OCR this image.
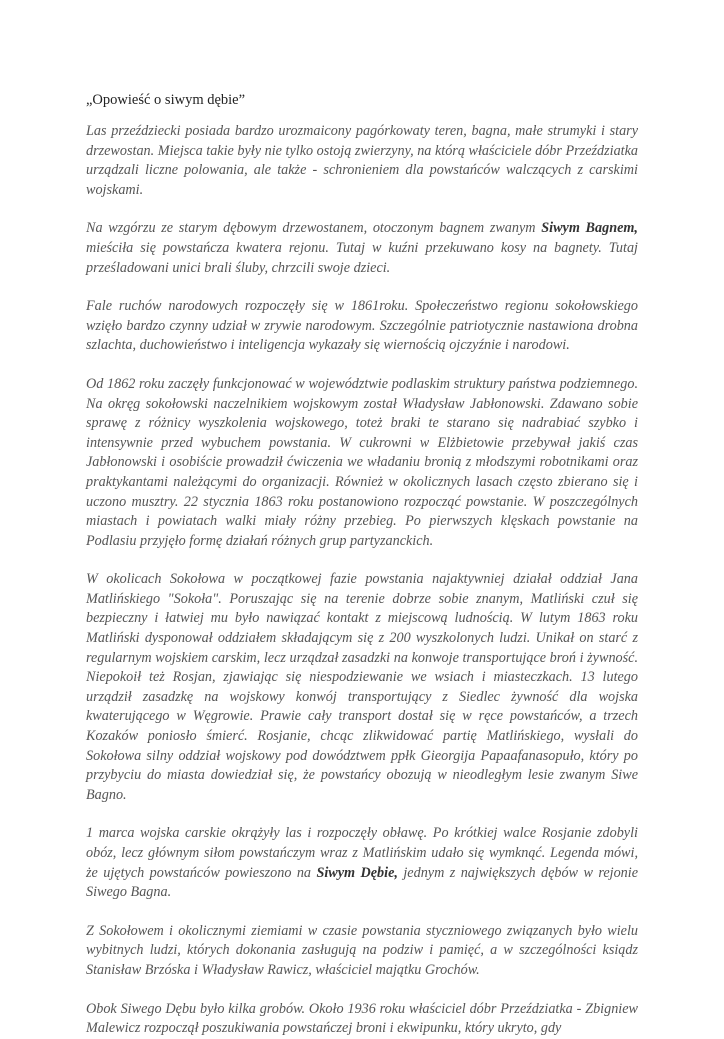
„Opowieść o siwym dębie”

Las przeździecki posiada bardzo urozmaicony pagórkowaty teren, bagna, małe strumyki i stary drzewostan. Miejsca takie były nie tylko ostoją zwierzyny, na którą właściciele dóbr Przeździatka urządzali liczne polowania, ale także - schronieniem dla powstańców walczących z carskimi wojskami.

Na wzgórzu ze starym dębowym drzewostanem, otoczonym bagnem zwanym Siwym Bagnem, mieściła się powstańcza kwatera rejonu. Tutaj w kuźni przekuwano kosy na bagnety. Tutaj prześladowani unici brali śluby, chrzcili swoje dzieci.

Fale ruchów narodowych rozpoczęły się w 1861roku. Społeczeństwo regionu sokołowskiego wzięło bardzo czynny udział w zrywie narodowym. Szczególnie patriotycznie nastawiona drobna szlachta, duchowieństwo i inteligencja wykazały się wiernością ojczyźnie i narodowi.

Od 1862 roku zaczęły funkcjonować w województwie podlaskim struktury państwa podziemnego. Na okręg sokołowski naczelnikiem wojskowym został Władysław Jabłonowski. Zdawano sobie sprawę z różnicy wyszkolenia wojskowego, toteż braki te starano się nadrabiać szybko i intensywnie przed wybuchem powstania. W cukrowni w Elżbietowie przebywał jakiś czas Jabłonowski i osobiście prowadził ćwiczenia we władaniu bronią z młodszymi robotnikami oraz praktykantami należącymi do organizacji. Również w okolicznych lasach często zbierano się i uczono musztry. 22 stycznia 1863 roku postanowiono rozpocząć powstanie. W poszczególnych miastach i powiatach walki miały różny przebieg. Po pierwszych klęskach powstanie na Podlasiu przyjęło formę działań różnych grup partyzanckich.

W okolicach Sokołowa w początkowej fazie powstania najaktywniej działał oddział Jana Matlińskiego "Sokoła". Poruszając się na terenie dobrze sobie znanym, Matliński czuł się bezpieczny i łatwiej mu było nawiązać kontakt z miejscową ludnością. W lutym 1863 roku Matliński dysponował oddziałem składającym się z 200 wyszkolonych ludzi. Unikał on starć z regularnym wojskiem carskim, lecz urządzał zasadzki na konwoje transportujące broń i żywność. Niepokoił też Rosjan, zjawiając się niespodziewanie we wsiach i miasteczkach. 13 lutego urządził zasadzkę na wojskowy konwój transportujący z Siedlec żywność dla wojska kwaterującego w Węgrowie. Prawie cały transport dostał się w ręce powstańców, a trzech Kozaków poniosło śmierć. Rosjanie, chcąc zlikwidować partię Matlińskiego, wysłali do Sokołowa silny oddział wojskowy pod dowództwem ppłk Gieorgija Papaafanasopuło, który po przybyciu do miasta dowiedział się, że powstańcy obozują w nieodległym lesie zwanym Siwe Bagno.

1 marca wojska carskie okrążyły las i rozpoczęły obławę. Po krótkiej walce Rosjanie zdobyli obóz, lecz głównym siłom powstańczym wraz z Matlińskim udało się wymknąć. Legenda mówi, że ujętych powstańców powieszono na Siwym Dębie, jednym z największych dębów w rejonie Siwego Bagna.

Z Sokołowem i okolicznymi ziemiami w czasie powstania styczniowego związanych było wielu wybitnych ludzi, których dokonania zasługują na podziw i pamięć, a w szczególności ksiądz Stanisław Brzóska i Władysław Rawicz, właściciel majątku Grochów.

Obok Siwego Dębu było kilka grobów. Około 1936 roku właściciel dóbr Przeździatka - Zbigniew Malewicz rozpoczął poszukiwania powstańczej broni i ekwipunku, który ukryto, gdy
